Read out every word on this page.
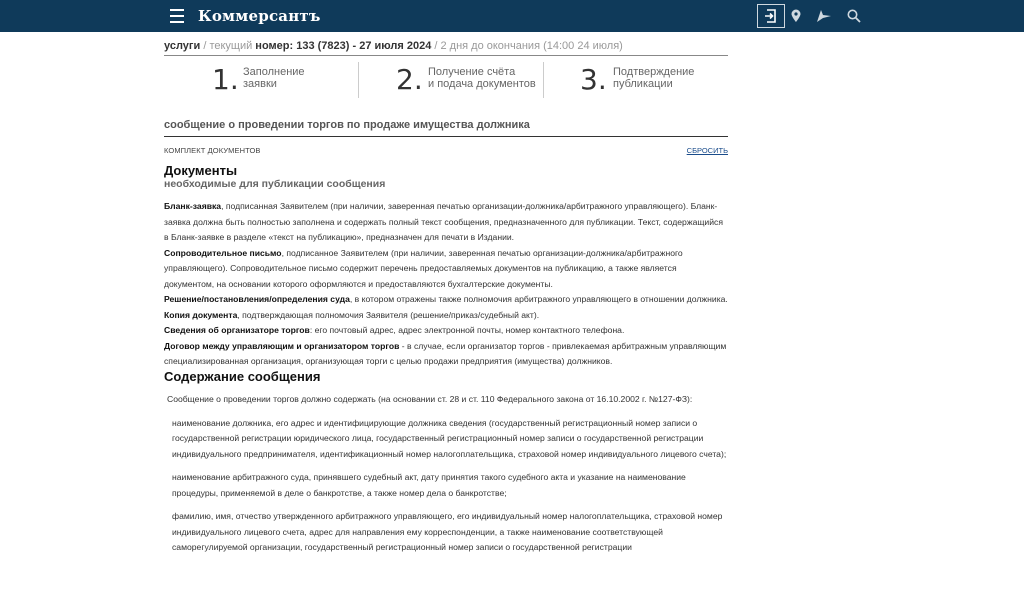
Коммерсантъ
услуги / текущий номер: 133 (7823) - 27 июля 2024 / 2 дня до окончания (14:00 24 июля)
1. Заполнение
заявки	2. Получение счёта
и подача документов 3. Подтверждение
публикации
сообщение о проведении торгов по продаже имущества должника
КОМПЛЕКТ ДОКУМЕНТОВ	СБРОСИТЬ
Документы
необходимые для публикации сообщения

Бланк-заявка, подписанная Заявителем (при наличии, заверенная печатью организации-должника/арбитражного управляющего). Бланк-заявка должна быть полностью заполнена и содержать полный текст сообщения, предназначенного для публикации. Текст, содержащийся в Бланк-заявке в разделе «текст на публикацию», предназначен для печати в Издании.

Сопроводительное письмо, подписанное Заявителем (при наличии, заверенная печатью организации-должника/арбитражного управляющего). Сопроводительное письмо содержит перечень предоставляемых документов на публикацию, а также является документом, на основании которого оформляются и предоставляются бухгалтерские документы.

Решение/постановления/определения суда, в котором отражены также полномочия арбитражного управляющего в отношении должника.

Копия документа, подтверждающая полномочия Заявителя (решение/приказ/судебный акт).

Сведения об организаторе торгов: его почтовый адрес, адрес электронной почты, номер контактного телефона.

Договор между управляющим и организатором торгов - в случае, если организатор торгов - привлекаемая арбитражным управляющим специализированная организация, организующая торги с целью продажи предприятия (имущества) должников.

Содержание сообщения
Сообщение о проведении торгов должно содержать (на основании ст. 28 и ст. 110 Федерального закона от 16.10.2002 г. №127-ФЗ):

наименование должника, его адрес и идентифицирующие должника сведения (государственный регистрационный номер записи о государственной регистрации юридического лица, государственный регистрационный номер записи о государственной регистрации индивидуального предпринимателя, идентификационный номер налогоплательщика, страховой номер индивидуального лицевого счета);

наименование арбитражного суда, принявшего судебный акт, дату принятия такого судебного акта и указание на наименование процедуры, применяемой в деле о банкротстве, а также номер дела о банкротстве;

фамилию, имя, отчество утвержденного арбитражного управляющего, его индивидуальный номер налогоплательщика, страховой номер индивидуального лицевого счета, адрес для направления ему корреспонденции, а также наименование соответствующей саморегулируемой организации, государственный регистрационный номер записи о государственной регистрации
